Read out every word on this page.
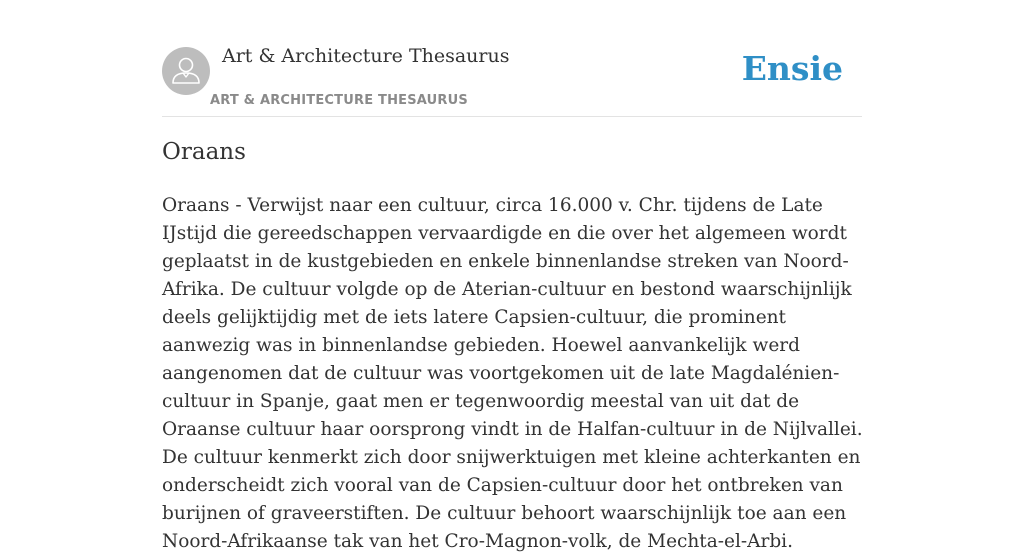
Art & Architecture Thesaurus
ART & ARCHITECTURE THESAURUS
Ensie
Oraans

Oraans - Verwijst naar een cultuur, circa 16.000 v. Chr. tijdens de Late IJstijd die gereedschappen vervaardigde en die over het algemeen wordt geplaatst in de kustgebieden en enkele binnenlandse streken van Noord-Afrika. De cultuur volgde op de Aterian-cultuur en bestond waarschijnlijk deels gelijktijdig met de iets latere Capsien-cultuur, die prominent aanwezig was in binnenlandse gebieden. Hoewel aanvankelijk werd aangenomen dat de cultuur was voortgekomen uit de late Magdalénien-cultuur in Spanje, gaat men er tegenwoordig meestal van uit dat de Oraanse cultuur haar oorsprong vindt in de Halfan-cultuur in de Nijlvallei. De cultuur kenmerkt zich door snijwerktuigen met kleine achterkanten en onderscheidt zich vooral van de Capsien-cultuur door het ontbreken van burijnen of graveerstiften. De cultuur behoort waarschijnlijk toe aan een Noord-Afrikaanse tak van het Cro-Magnon-volk, de Mechta-el-Arbi.
